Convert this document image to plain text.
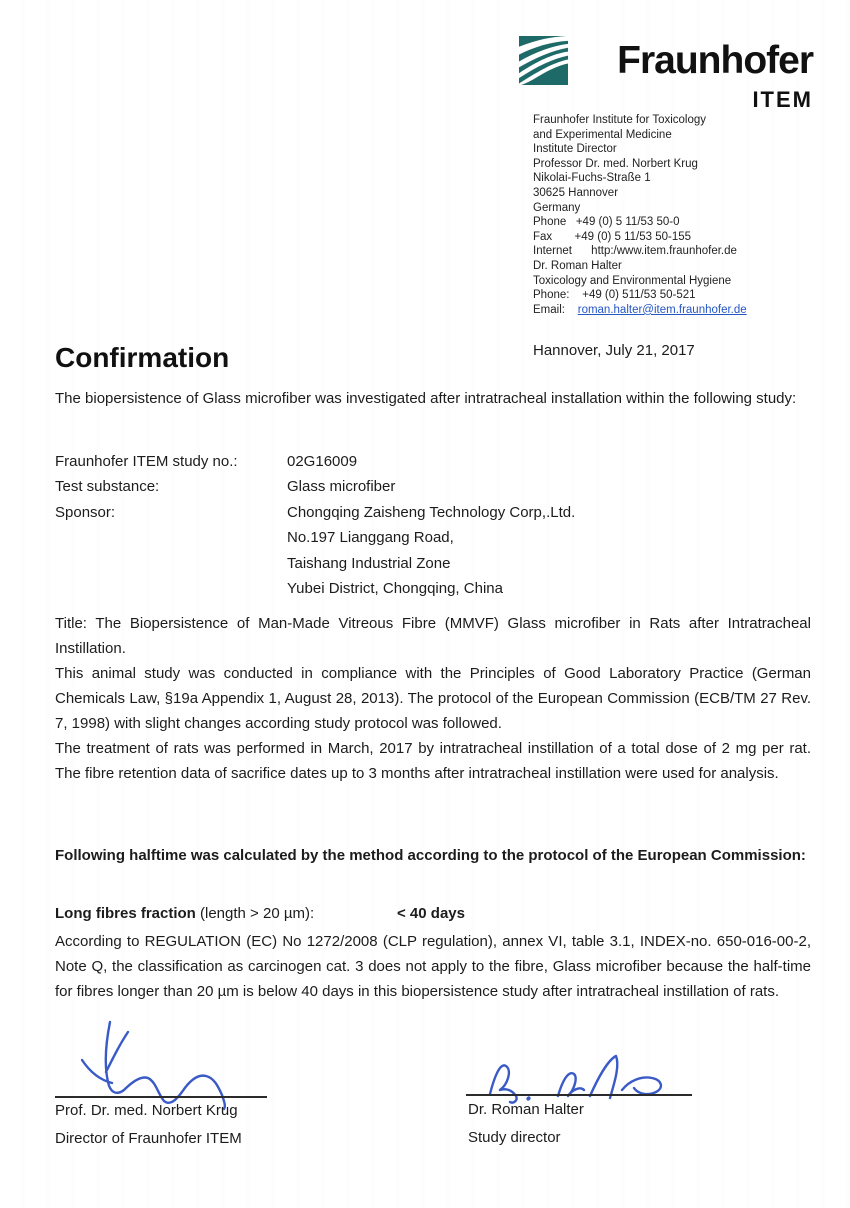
Fraunhofer
ITEM
Fraunhofer Institute for Toxicology
and Experimental Medicine
Institute Director
Professor Dr. med. Norbert Krug
Nikolai-Fuchs-Straße 1
30625 Hannover
Germany
Phone   +49 (0) 5 11/53 50-0
Fax       +49 (0) 5 11/53 50-155
Internet      http:/www.item.fraunhofer.de
Dr. Roman Halter
Toxicology and Environmental Hygiene
Phone:    +49 (0) 511/53 50-521
Email:    roman.halter@item.fraunhofer.de
Confirmation	Hannover, July 21, 2017
The biopersistence of Glass microfiber was investigated after intratracheal installation within the following study:
Fraunhofer ITEM study no.:	02G16009
Test substance:	Glass microfiber
Sponsor:	Chongqing Zaisheng Technology Corp,.Ltd.
No.197 Lianggang Road,
Taishang Industrial Zone
Yubei District, Chongqing, China

Title: The Biopersistence of Man-Made Vitreous Fibre (MMVF) Glass microfiber in Rats after Intratracheal Instillation.

This animal study was conducted in compliance with the Principles of Good Laboratory Practice (German Chemicals Law, §19a Appendix 1, August 28, 2013). The protocol of the European Commission (ECB/TM 27 Rev. 7, 1998) with slight changes according study protocol was followed.

The treatment of rats was performed in March, 2017 by intratracheal instillation of a total dose of 2 mg per rat. The fibre retention data of sacrifice dates up to 3 months after intratracheal instillation were used for analysis.

Following halftime was calculated by the method according to the protocol of the European Commission:
Long fibres fraction (length > 20 µm):	< 40 days
According to REGULATION (EC) No 1272/2008 (CLP regulation), annex VI, table 3.1, INDEX-no. 650-016-00-2, Note Q, the classification as carcinogen cat. 3 does not apply to the fibre, Glass microfiber because the half-time for fibres longer than 20 µm is below 40 days in this biopersistence study after intratracheal instillation of rats.
Prof. Dr. med. Norbert Krug
Director of Fraunhofer ITEM
Dr. Roman Halter
Study director
